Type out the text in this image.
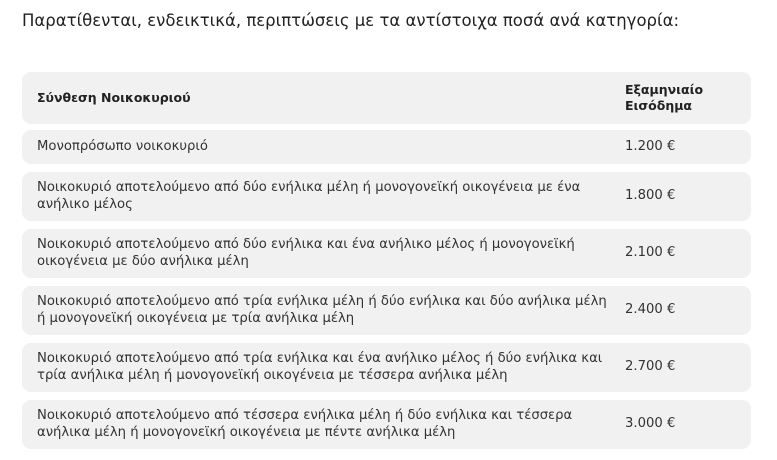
Παρατίθενται, ενδεικτικά, περιπτώσεις με τα αντίστοιχα ποσά ανά κατηγορία:
Σύνθεση Νοικοκυριού
Εξαμηνιαίο Εισόδημα
Μονοπρόσωπο νοικοκυριό	1.200 €
Νοικοκυριό αποτελούμενο από δύο ενήλικα μέλη ή μονογονεϊκή οικογένεια με ένα ανήλικο μέλος
1.800 €
Νοικοκυριό αποτελούμενο από δύο ενήλικα και ένα ανήλικο μέλος ή μονογονεϊκή οικογένεια με δύο ανήλικα μέλη
2.100 €
Νοικοκυριό αποτελούμενο από τρία ενήλικα μέλη ή δύο ενήλικα και δύο ανήλικα μέλη ή μονογονεϊκή οικογένεια με τρία ανήλικα μέλη
2.400 €
Νοικοκυριό αποτελούμενο από τρία ενήλικα και ένα ανήλικο μέλος ή δύο ενήλικα και τρία ανήλικα μέλη ή μονογονεϊκή οικογένεια με τέσσερα ανήλικα μέλη
2.700 €
Νοικοκυριό αποτελούμενο από τέσσερα ενήλικα μέλη ή δύο ενήλικα και τέσσερα ανήλικα μέλη ή μονογονεϊκή οικογένεια με πέντε ανήλικα μέλη
3.000 €
